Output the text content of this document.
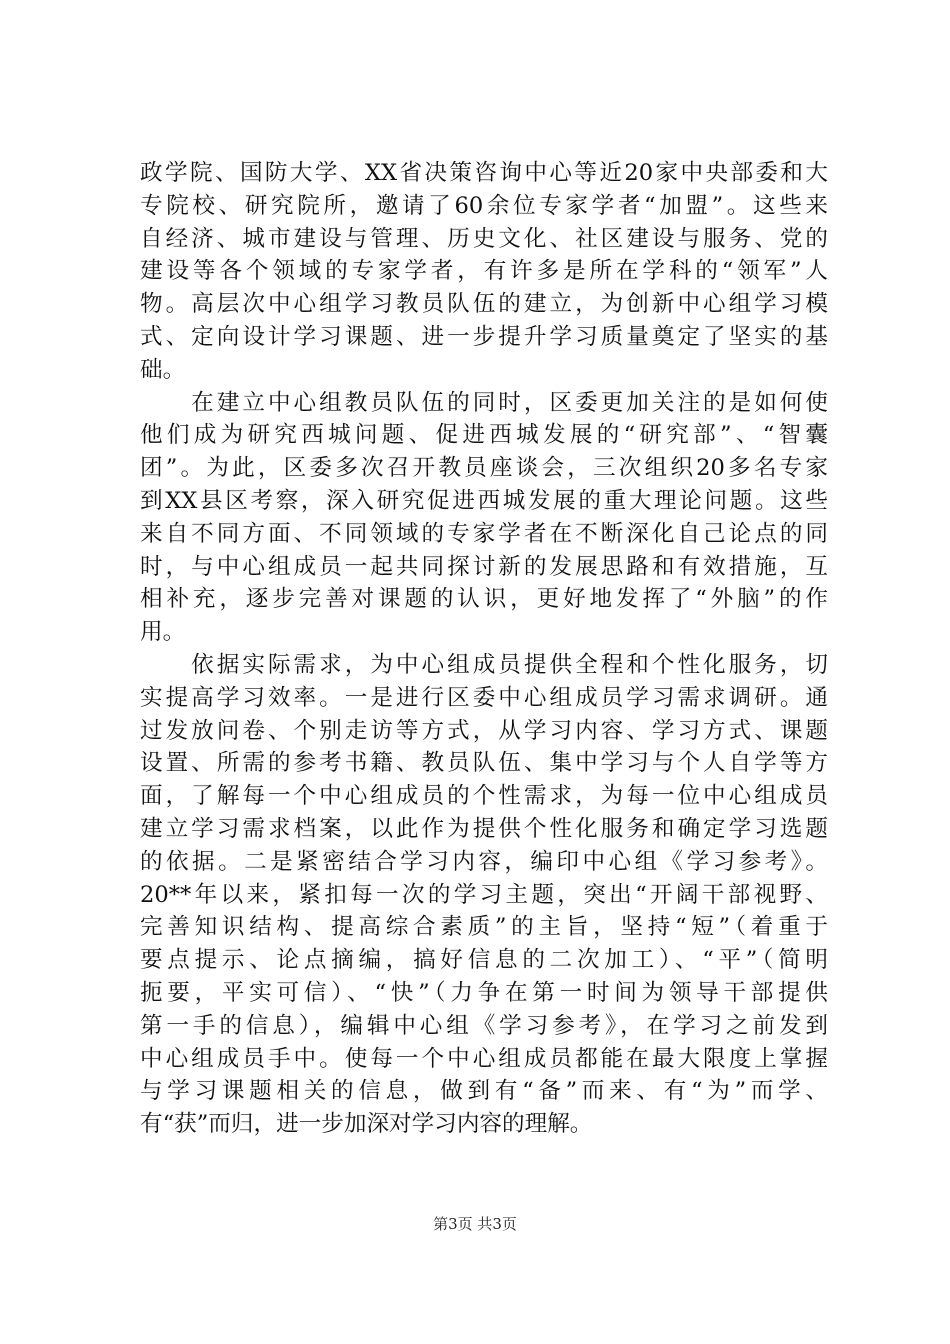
政学院、国防大学、XX省决策咨询中心等近20家中央部委和大
专院校、研究院所，邀请了60余位专家学者“加盟”。这些来
自经济、城市建设与管理、历史文化、社区建设与服务、党的
建设等各个领域的专家学者，有许多是所在学科的“领军”人
物。高层次中心组学习教员队伍的建立，为创新中心组学习模
式、定向设计学习课题、进一步提升学习质量奠定了坚实的基
础。
　　在建立中心组教员队伍的同时，区委更加关注的是如何使
他们成为研究西城问题、促进西城发展的“研究部”、“智囊
团”。为此，区委多次召开教员座谈会，三次组织20多名专家
到XX县区考察，深入研究促进西城发展的重大理论问题。这些
来自不同方面、不同领域的专家学者在不断深化自己论点的同
时，与中心组成员一起共同探讨新的发展思路和有效措施，互
相补充，逐步完善对课题的认识，更好地发挥了“外脑”的作
用。
　　依据实际需求，为中心组成员提供全程和个性化服务，切
实提高学习效率。一是进行区委中心组成员学习需求调研。通
过发放问卷、个别走访等方式，从学习内容、学习方式、课题
设置、所需的参考书籍、教员队伍、集中学习与个人自学等方
面，了解每一个中心组成员的个性需求，为每一位中心组成员
建立学习需求档案，以此作为提供个性化服务和确定学习选题
的依据。二是紧密结合学习内容，编印中心组《学习参考》。
20**年以来，紧扣每一次的学习主题，突出“开阔干部视野、
完善知识结构、提高综合素质”的主旨，坚持“短”（着重于
要点提示、论点摘编，搞好信息的二次加工）、“平”（简明
扼要，平实可信）、“快”（力争在第一时间为领导干部提供
第一手的信息），编辑中心组《学习参考》，在学习之前发到
中心组成员手中。使每一个中心组成员都能在最大限度上掌握
与学习课题相关的信息，做到有“备”而来、有“为”而学、
有“获”而归，进一步加深对学习内容的理解。
第3页 共3页
